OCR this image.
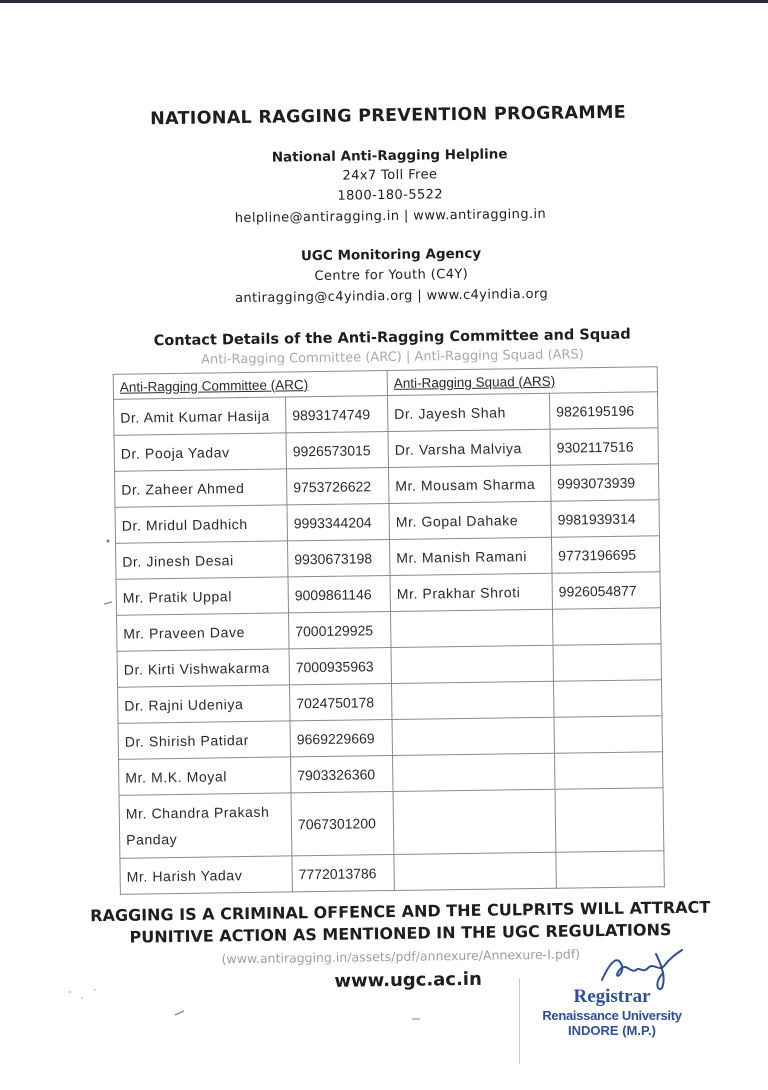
NATIONAL RAGGING PREVENTION PROGRAMME
National Anti-Ragging Helpline
24x7 Toll Free
1800-180-5522
helpline@antiragging.in | www.antiragging.in
UGC Monitoring Agency
Centre for Youth (C4Y)
antiragging@c4yindia.org | www.c4yindia.org
Contact Details of the Anti-Ragging Committee and Squad
Anti-Ragging Committee (ARC) | Anti-Ragging Squad (ARS)
Anti-Ragging Committee (ARC)		Anti-Ragging Squad (ARS)	
Dr. Amit Kumar Hasija	9893174749	Dr. Jayesh Shah	9826195196
Dr. Pooja Yadav	9926573015	Dr. Varsha Malviya	9302117516
Dr. Zaheer Ahmed	9753726622	Mr. Mousam Sharma	9993073939
Dr. Mridul Dadhich	9993344204	Mr. Gopal Dahake	9981939314
Dr. Jinesh Desai	9930673198	Mr. Manish Ramani	9773196695
Mr. Pratik Uppal	9009861146	Mr. Prakhar Shroti	9926054877
Mr. Praveen Dave	7000129925		
Dr. Kirti Vishwakarma	7000935963		
Dr. Rajni Udeniya	7024750178		
Dr. Shirish Patidar	9669229669		
Mr. M.K. Moyal	7903326360		
Mr. Chandra Prakash Panday	7067301200		
Mr. Harish Yadav	7772013786		
RAGGING IS A CRIMINAL OFFENCE AND THE CULPRITS WILL ATTRACT
PUNITIVE ACTION AS MENTIONED IN THE UGC REGULATIONS
(www.antiragging.in/assets/pdf/annexure/Annexure-I.pdf)
www.ugc.ac.in
Registrar
Renaissance University
INDORE (M.P.)
